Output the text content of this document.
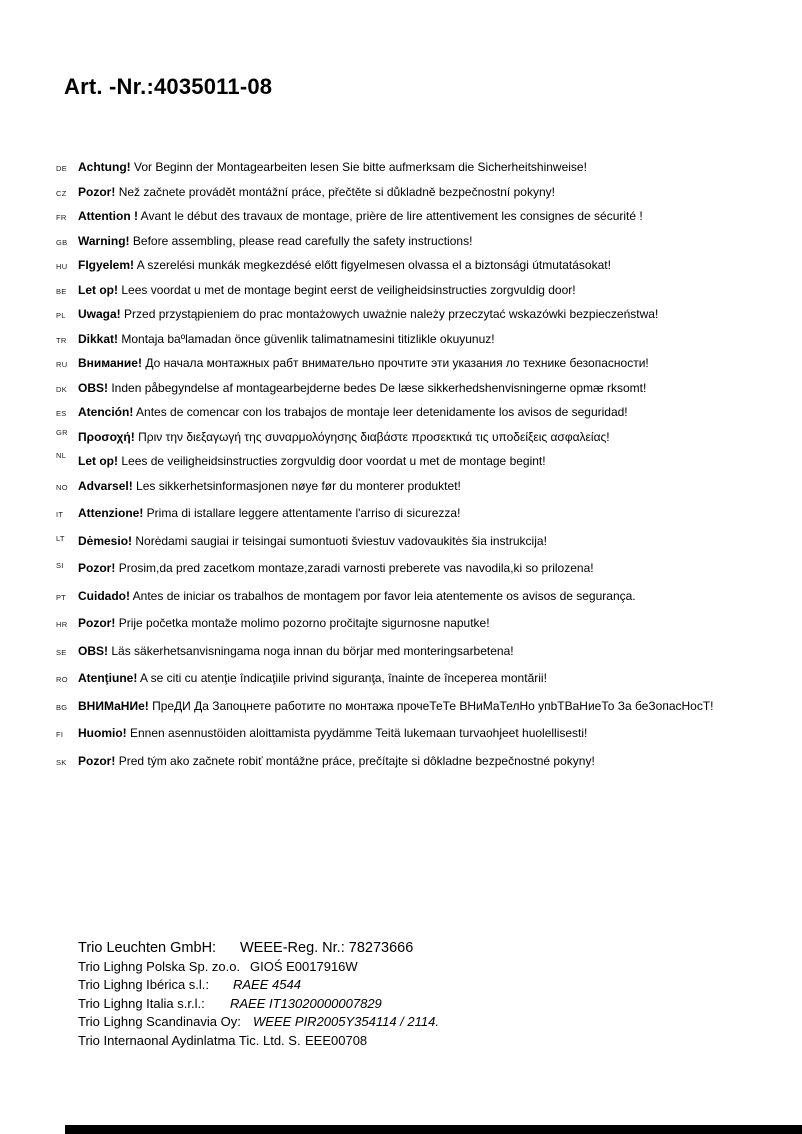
Art. -Nr.:4035011-08
DE Achtung! Vor Beginn der Montagearbeiten lesen Sie bitte aufmerksam die Sicherheitshinweise!
CZ Pozor! Než začnete provádět montážní práce, přečtěte si důkladně bezpečnostní pokyny!
FR Attention ! Avant le début des travaux de montage, prière de lire attentivement les consignes de sécurité !
GB Warning! Before assembling, please read carefully the safety instructions!
HU FIgyelem! A szerelési munkák megkezdésé előtt figyelmesen olvassa el a biztonsági útmutatásokat!
BE Let op! Lees voordat u met de montage begint eerst de veiligheidsinstructies zorgvuldig door!
PL	Uwaga! Przed przystąpieniem do prac montażowych uważnie należy przeczytać wskazówki bezpieczeństwa!
TR Dikkat! Montaja baºlamadan önce güvenlik talimatnamesini titizlikle okuyunuz!
RU Внимание! До начала монтажных рабт внимательно прочтите эти указания ло технике безопасности!
DK OBS! Inden påbegyndelse af montagearbejderne bedes De læse sikkerhedshenvisningerne opmæ rksomt!
ES Atención! Antes de comencar con los trabajos de montaje leer detenidamente los avisos de seguridad!
GR Προσοχή! Πριν την διεξαγωγή της συναρμολόγησης διαβάστε προσεκτικά τις υποδείξεις ασφαλείας!
NL Let op! Lees de veiligheidsinstructies zorgvuldig door voordat u met de montage begint!
NO Advarsel! Les sikkerhetsinformasjonen nøye før du monterer produktet!
IT	Attenzione! Prima di istallare leggere attentamente l'arriso di sicurezza!
LT	Dėmesio! Norėdami saugiai ir teisingai sumontuoti šviestuv vadovaukitės šia instrukcija!
SI	Pozor! Prosim,da pred zacetkom montaze,zaradi varnosti preberete vas navodila,ki so prilozena!
PT Cuidado! Antes de iniciar os trabalhos de montagem por favor leia atentemente os avisos de segurança.
HR Pozor! Prije početka montaže molimo pozorno pročitajte sigurnosne naputke!
SE OBS! Läs säkerhetsanvisningama noga innan du börjar med monteringsarbetena!
RO Atenţiune! A se citi cu atenţie îndicaţiile privind siguranţa, înainte de începerea montării!
BG ВНИМаНИе! ПреДИ Да Запоцнете работите по монтажа прочеТеТе ВНиМаТелНо упbТВаНиеТо За беЗопасНосТ!
FI	Huomio! Ennen asennustöiden aloittamista pyydämme Teitä lukemaan turvaohjeet huolellisesti!
SK Pozor! Pred tým ako začnete robiť montážne práce, prečítajte si dôkladne bezpečnostné pokyny!
Trio Leuchten GmbH:	WEEE-Reg. Nr.: 78273666
Trio Lighng Polska Sp. zo.o. GIOŚ E0017916W
Trio Lighng Ibérica s.l.:	RAEE 4544
Trio Lighng Italia s.r.l.:	RAEE IT13020000007829
Trio Lighng Scandinavia Oy: WEEE PIR2005Y354114 / 2114.
Trio Internaonal Aydinlatma Tic. Ltd. S. EEE00708
